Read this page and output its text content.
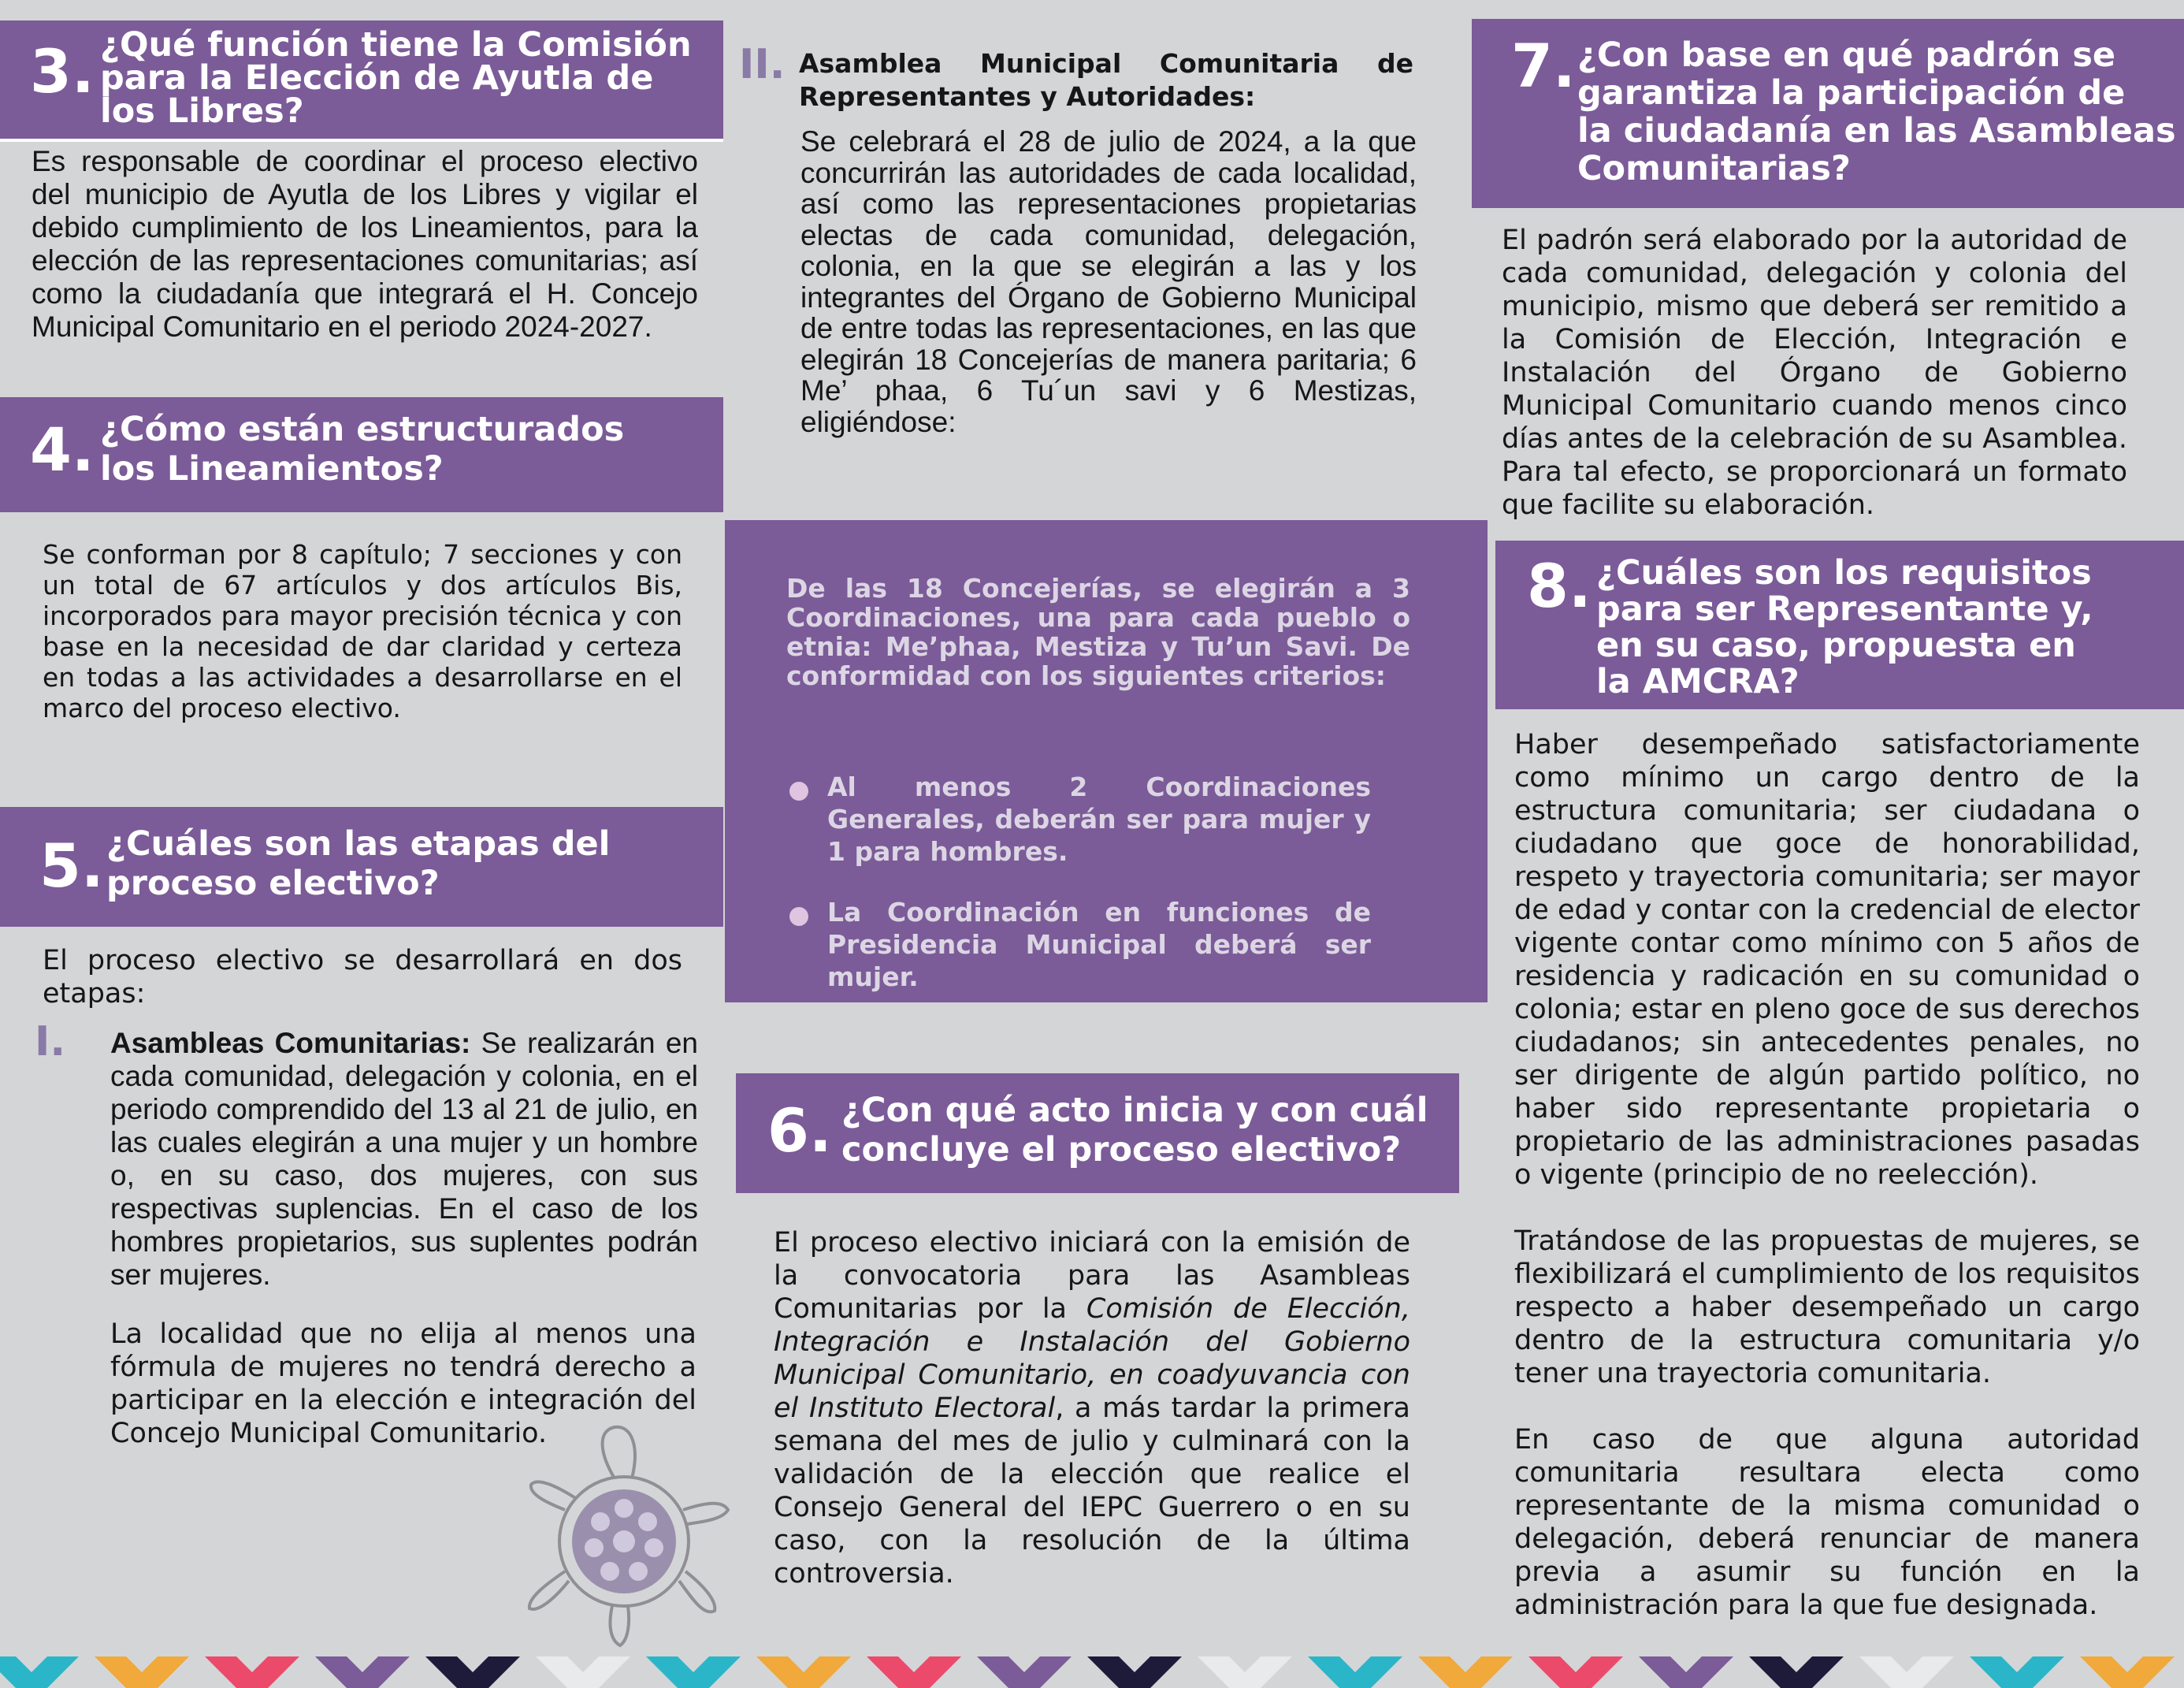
3. ¿Qué función tiene la Comisión
para la Elección de Ayutla de
los Libres?
Es responsable de coordinar el proceso electivo del municipio de Ayutla de los Libres y vigilar el debido cumplimiento de los Lineamientos, para la elección de las representaciones comunitarias; así como la ciudadanía que integrará el H. Concejo Municipal Comunitario en el periodo 2024-2027.
4. ¿Cómo están estructurados
los Lineamientos?
Se conforman por 8 capítulo; 7 secciones y con un total de 67 artículos y dos artículos Bis, incorporados para mayor precisión técnica y con base en la necesidad de dar claridad y certeza en todas a las actividades a desarrollarse en el marco del proceso electivo.
5. ¿Cuáles son las etapas del
proceso electivo?
El proceso electivo se desarrollará en dos etapas:
I. Asambleas Comunitarias: Se realizarán en cada comunidad, delegación y colonia, en el periodo comprendido del 13 al 21 de julio, en las cuales elegirán a una mujer y un hombre o, en su caso, dos mujeres, con sus respectivas suplencias. En el caso de los hombres propietarios, sus suplentes podrán ser mujeres.
La localidad que no elija al menos una fórmula de mujeres no tendrá derecho a participar en la elección e integración del Concejo Municipal Comunitario.
II. Asamblea Municipal Comunitaria de Representantes y Autoridades:
Se celebrará el 28 de julio de 2024, a la que concurrirán las autoridades de cada localidad, así como las representaciones propietarias electas de cada comunidad, delegación, colonia, en la que se elegirán a las y los integrantes del Órgano de Gobierno Municipal de entre todas las representaciones, en las que elegirán 18 Concejerías de manera paritaria; 6 Me’ phaa, 6 Tu´un savi y 6 Mestizas, eligiéndose:
De las 18 Concejerías, se elegirán a 3 Coordinaciones, una para cada pueblo o etnia: Me’phaa, Mestiza y Tu’un Savi. De conformidad con los siguientes criterios:
Al menos 2 Coordinaciones Generales, deberán ser para mujer y 1 para hombres.
La Coordinación en funciones de Presidencia Municipal deberá ser mujer.
6. ¿Con qué acto inicia y con cuál
concluye el proceso electivo?
El proceso electivo iniciará con la emisión de la convocatoria para las Asambleas Comunitarias por la Comisión de Elección, Integración e Instalación del Gobierno Municipal Comunitario, en coadyuvancia con el Instituto Electoral, a más tardar la primera semana del mes de julio y culminará con la validación de la elección que realice el Consejo General del IEPC Guerrero o en su caso, con la resolución de la última controversia.
7. ¿Con base en qué padrón se
garantiza la participación de
la ciudadanía en las Asambleas
Comunitarias?
El padrón será elaborado por la autoridad de cada comunidad, delegación y colonia del municipio, mismo que deberá ser remitido a la Comisión de Elección, Integración e Instalación del Órgano de Gobierno Municipal Comunitario cuando menos cinco días antes de la celebración de su Asamblea. Para tal efecto, se proporcionará un formato que facilite su elaboración.
8. ¿Cuáles son los requisitos
para ser Representante y,
en su caso, propuesta en
la AMCRA?

Haber desempeñado satisfactoriamente como mínimo un cargo dentro de la estructura comunitaria; ser ciudadana o ciudadano que goce de honorabilidad, respeto y trayectoria comunitaria; ser mayor de edad y contar con la credencial de elector vigente contar como mínimo con 5 años de residencia y radicación en su comunidad o colonia; estar en pleno goce de sus derechos ciudadanos; sin antecedentes penales, no ser dirigente de algún partido político, no haber sido representante propietaria o propietario de las administraciones pasadas o vigente (principio de no reelección).

Tratándose de las propuestas de mujeres, se flexibilizará el cumplimiento de los requisitos respecto a haber desempeñado un cargo dentro de la estructura comunitaria y/o tener una trayectoria comunitaria.

En caso de que alguna autoridad comunitaria resultara electa como representante de la misma comunidad o delegación, deberá renunciar de manera previa a asumir su función en la administración para la que fue designada.
